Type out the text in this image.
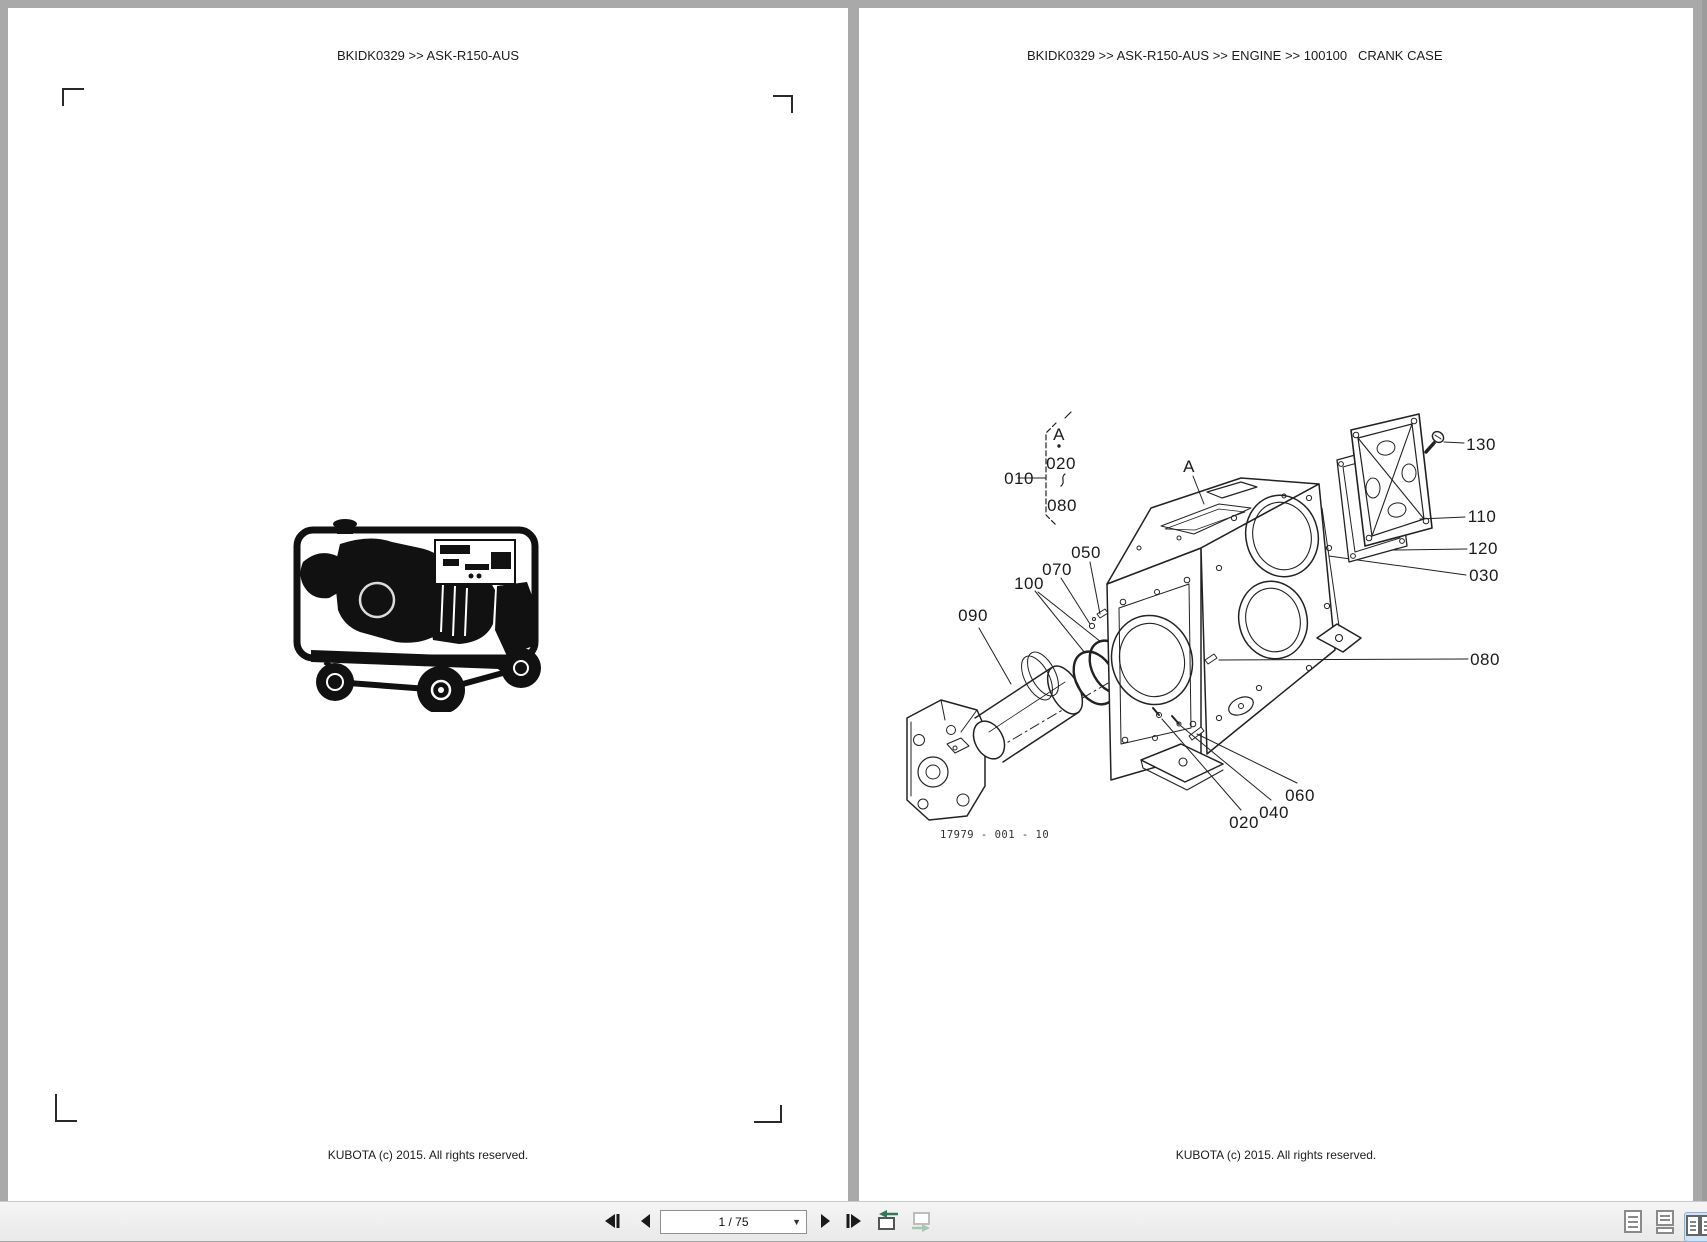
BKIDK0329 >> ASK-R150-AUS
KUBOTA (c) 2015. All rights reserved.
BKIDK0329 >> ASK-R150-AUS >> ENGINE >> 100100   CRANK CASE
010
A
020
080
A
050
070
100
090
130
110
120
030
080
020
040
060
17979 - 001 - 10
KUBOTA (c) 2015. All rights reserved.
1 / 75	▼
